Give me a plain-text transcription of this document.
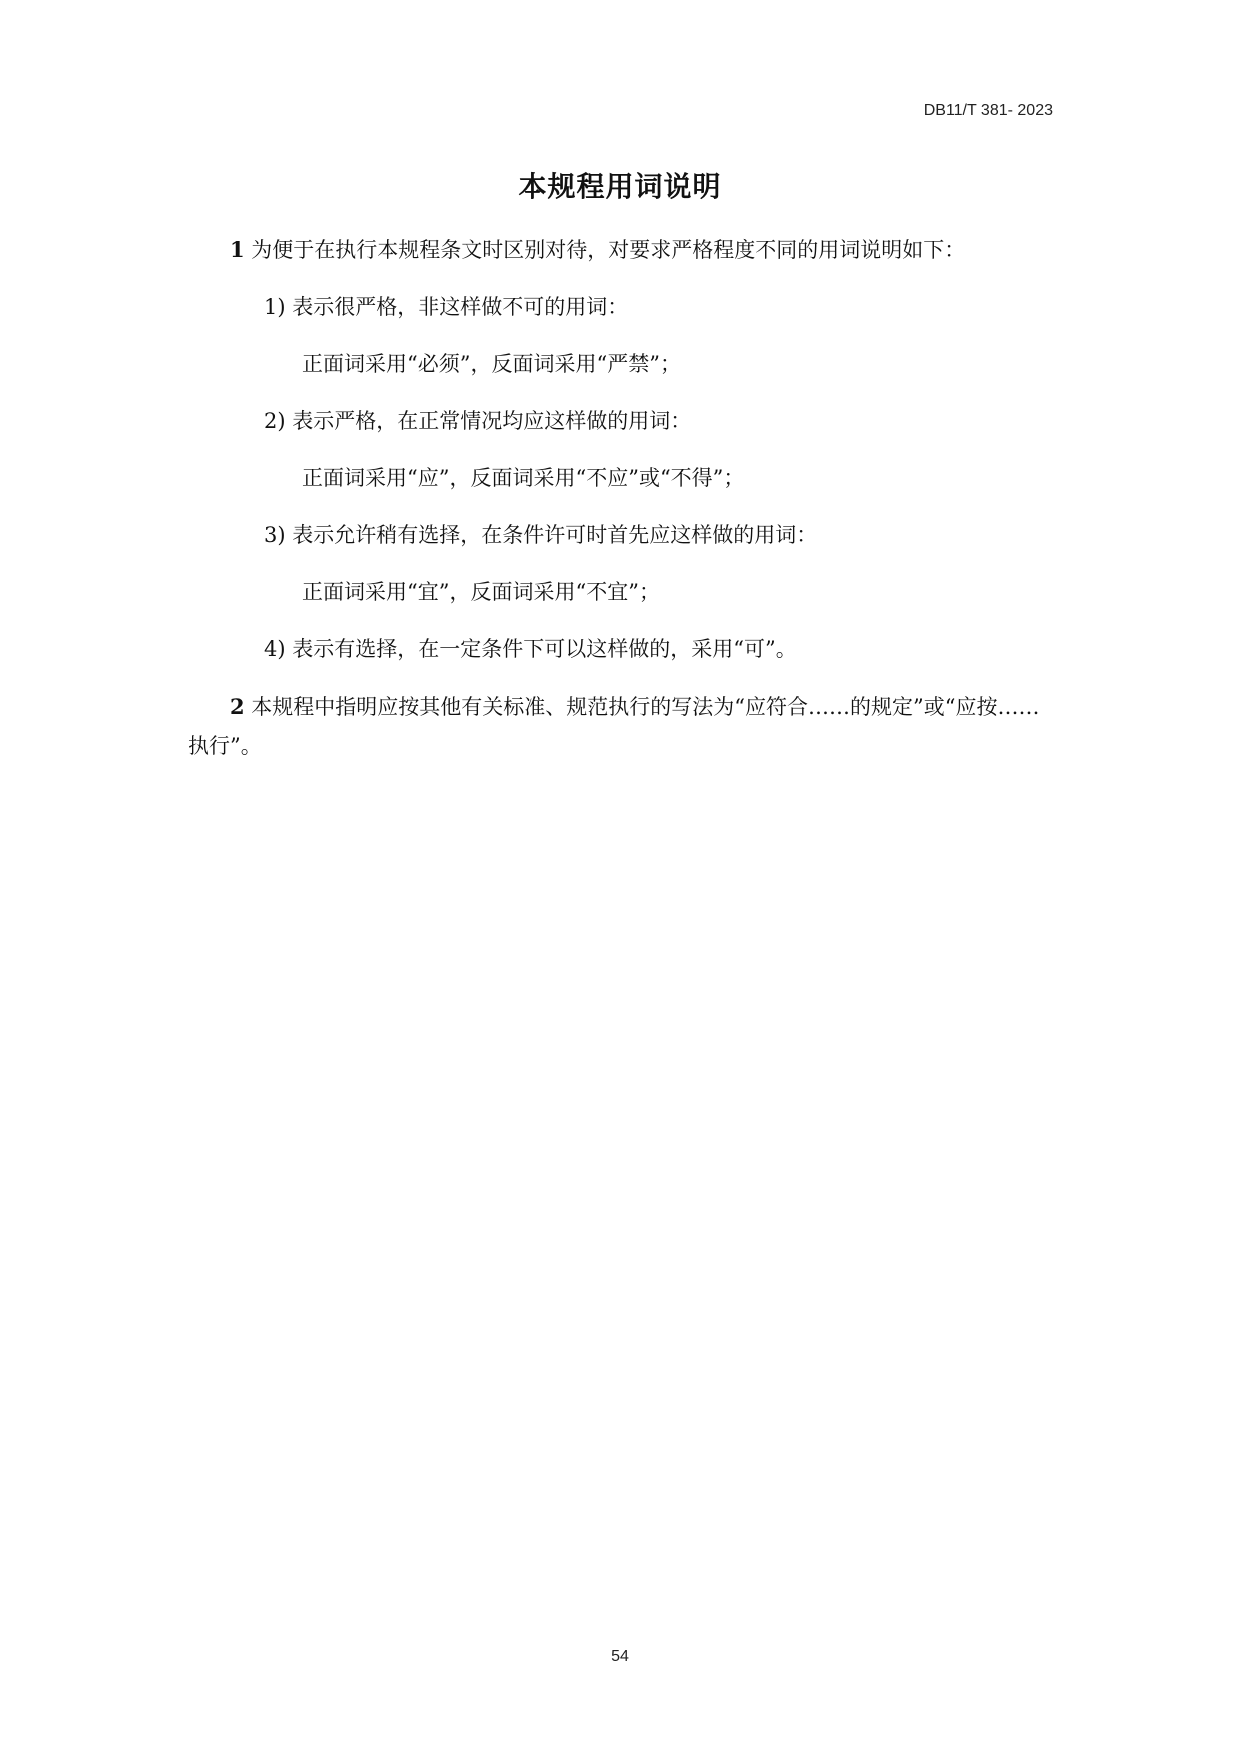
DB11/T 381- 2023
本规程用词说明

1 为便于在执行本规程条文时区别对待，对要求严格程度不同的用词说明如下：

1) 表示很严格，非这样做不可的用词：
正面词采用“必须”，反面词采用“严禁”；
2) 表示严格，在正常情况均应这样做的用词：
正面词采用“应”，反面词采用“不应”或“不得”；
3) 表示允许稍有选择，在条件许可时首先应这样做的用词：
正面词采用“宜”，反面词采用“不宜”；
4) 表示有选择，在一定条件下可以这样做的，采用“可”。

2 本规程中指明应按其他有关标准、规范执行的写法为“应符合……的规定”或“应按……执行”。

54
